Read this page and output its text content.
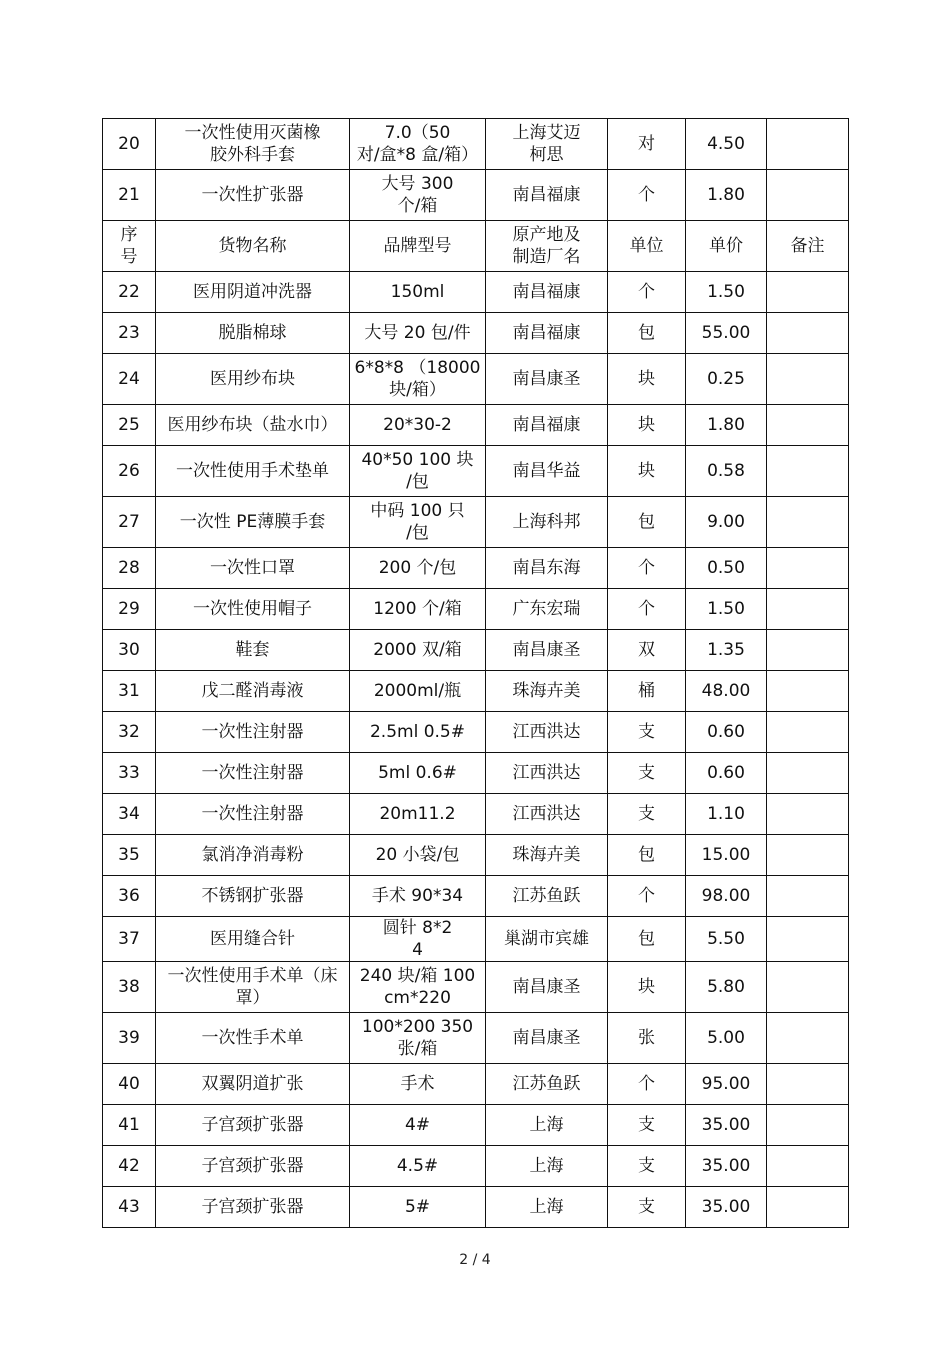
20	一次性使用灭菌橡
胶外科手套	7.0（50
对/盒*8 盒/箱）	上海艾迈
柯思	对	4.50	
21	一次性扩张器	大号 300
个/箱	南昌福康	个	1.80	

序
号	货物名称	品牌型号	原产地及
制造厂名	单位	单价	备注
22	医用阴道冲洗器	150ml	南昌福康	个	1.50	
23	脱脂棉球	大号 20 包/件	南昌福康	包	55.00	
24	医用纱布块	6*8*8 （18000
块/箱）	南昌康圣	块	0.25	
25	医用纱布块（盐水巾）	20*30-2	南昌福康	块	1.80	
26	一次性使用手术垫单	40*50 100 块
/包	南昌华益	块	0.58	
27	一次性 PE薄膜手套	中码 100 只
/包	上海科邦	包	9.00	
28	一次性口罩	200 个/包	南昌东海	个	0.50	
29	一次性使用帽子	1200 个/箱	广东宏瑞	个	1.50	
30	鞋套	2000 双/箱	南昌康圣	双	1.35	
31	戊二醛消毒液	2000ml/瓶	珠海卉美	桶	48.00	
32	一次性注射器	2.5ml 0.5#	江西洪达	支	0.60	
33	一次性注射器	5ml 0.6#	江西洪达	支	0.60	
34	一次性注射器	20m11.2	江西洪达	支	1.10	
35	氯消净消毒粉	20 小袋/包	珠海卉美	包	15.00	
36	不锈钢扩张器	手术 90*34	江苏鱼跃	个	98.00	
37	医用缝合针	圆针 8*2
4	巢湖市宾雄	包	5.50	
38	一次性使用手术单（床罩）	240 块/箱 100
cm*220	南昌康圣	块	5.80	
39	一次性手术单	100*200 350张/箱	南昌康圣	张	5.00	
40	双翼阴道扩张	手术	江苏鱼跃	个	95.00	
41	子宫颈扩张器	4#	上海	支	35.00	
42	子宫颈扩张器	4.5#	上海	支	35.00	
43	子宫颈扩张器	5#	上海	支	35.00	
2 / 4
